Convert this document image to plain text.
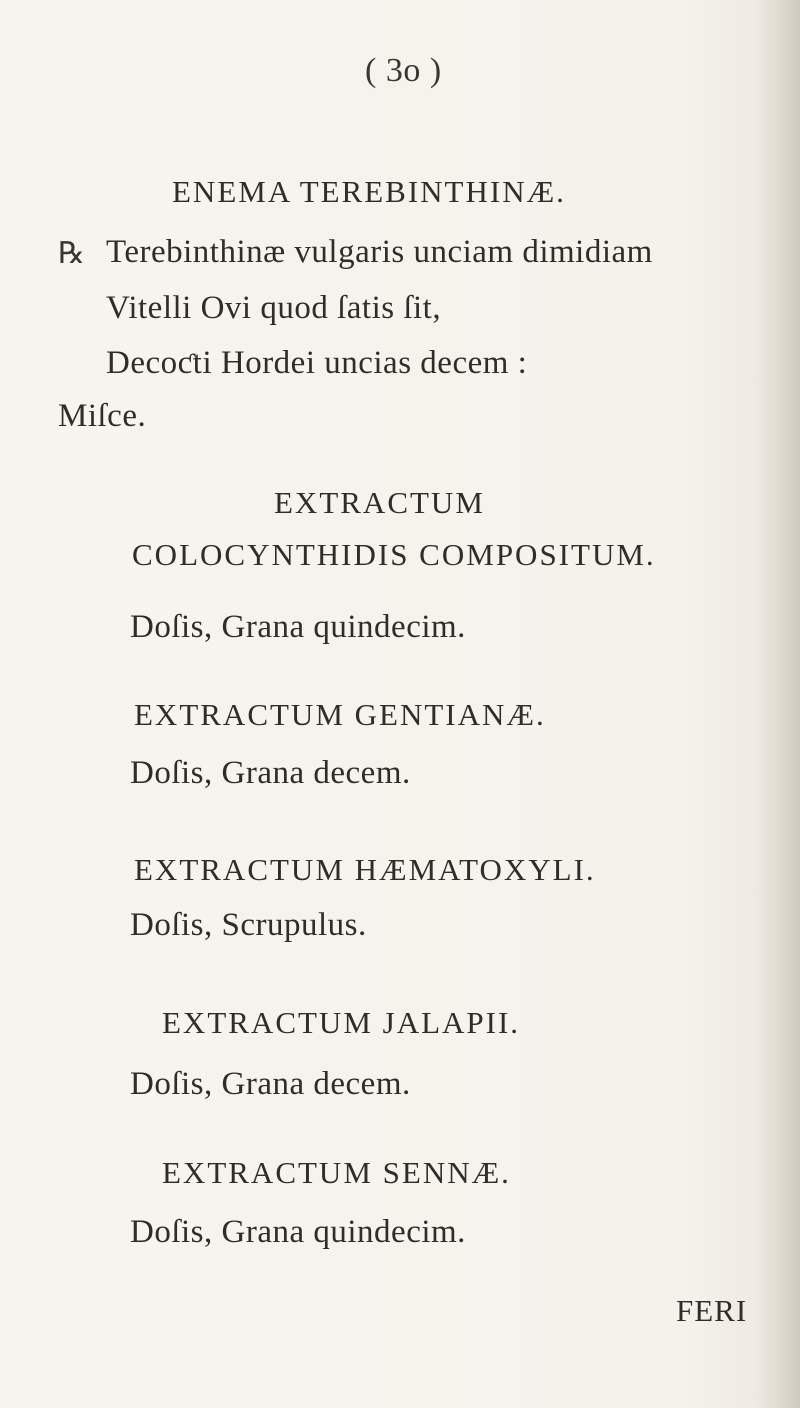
( 3o )
ENEMA TEREBINTHINÆ.
℞ Terebinthinæ vulgaris unciam dimidiam
Vitelli Ovi quod ſatis ſit,
Decoƈti Hordei uncias decem :
Miſce.
EXTRACTUM
COLOCYNTHIDIS COMPOSITUM.
Doſis, Grana quindecim.
EXTRACTUM GENTIANÆ.
Doſis, Grana decem.
EXTRACTUM HÆMATOXYLI.
Doſis, Scrupulus.
EXTRACTUM JALAPII.
Doſis, Grana decem.
EXTRACTUM SENNÆ.
Doſis, Grana quindecim.
FERI
